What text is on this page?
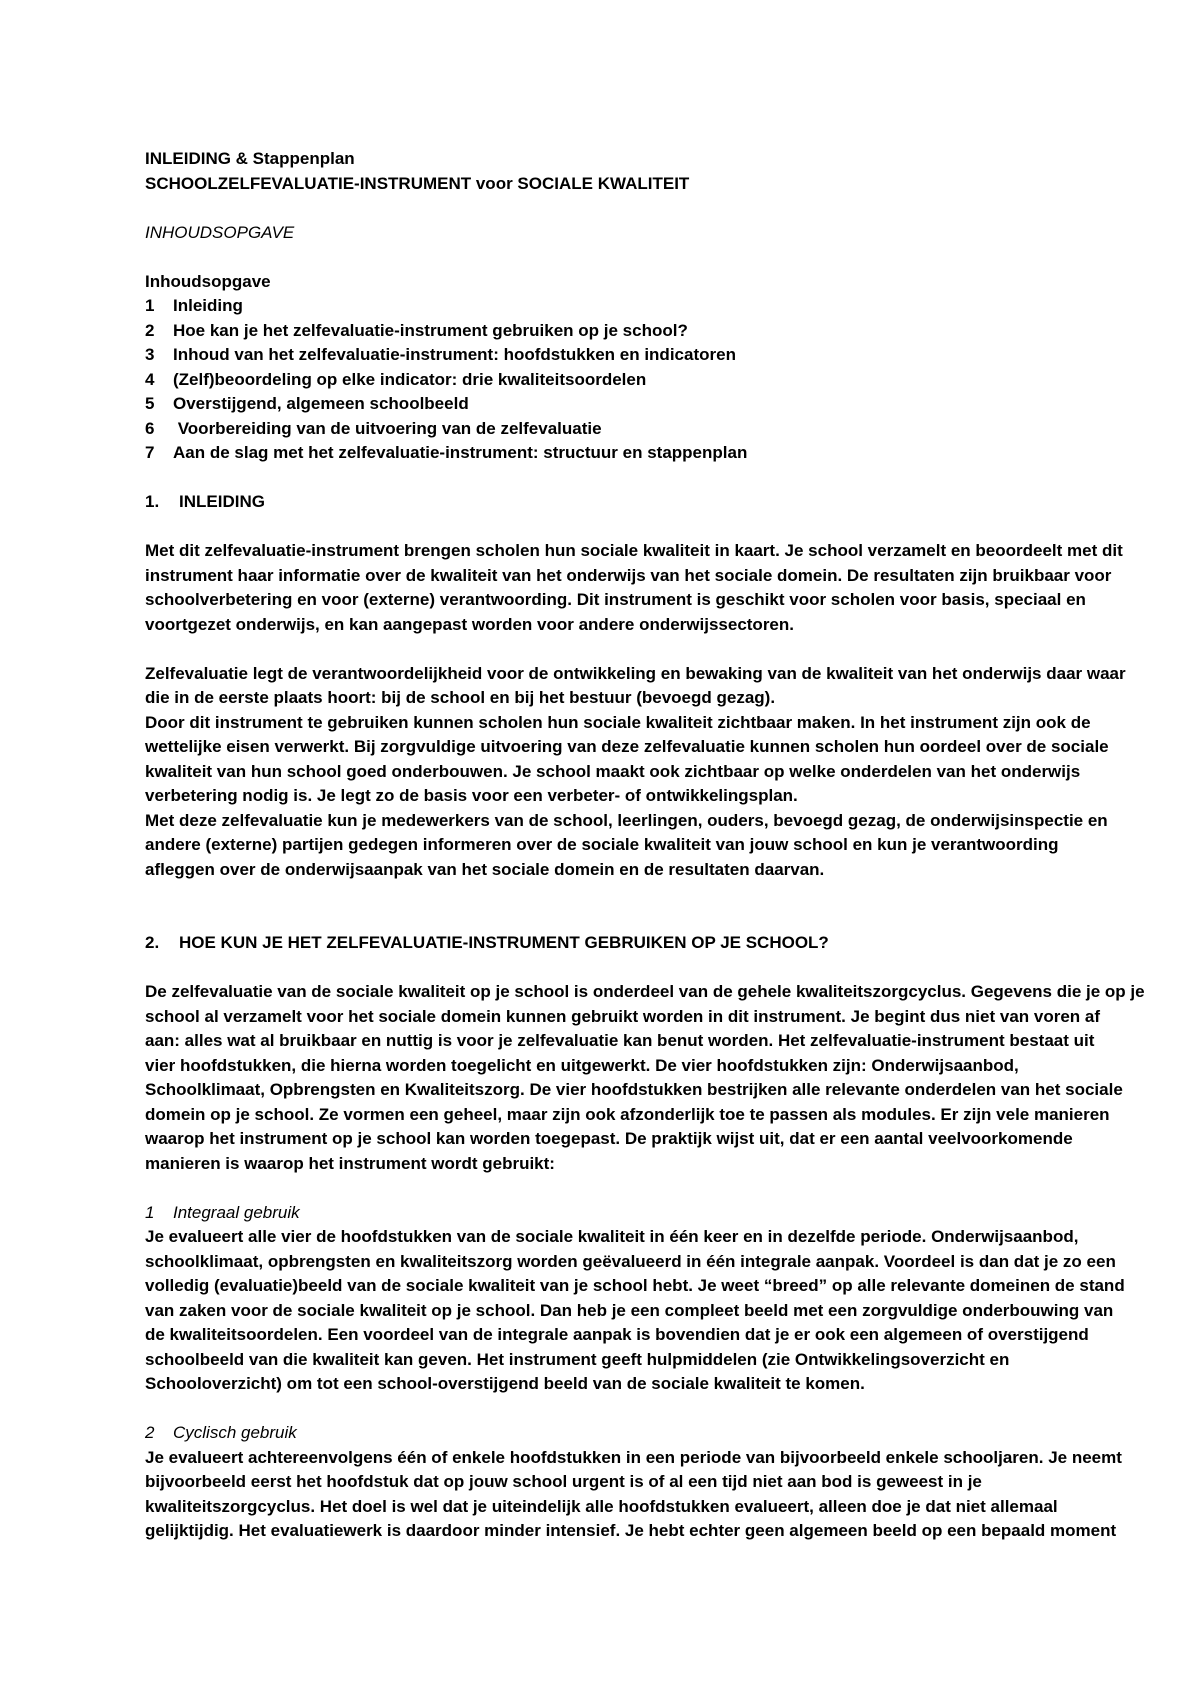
INLEIDING & Stappenplan
SCHOOLZELFEVALUATIE-INSTRUMENT voor SOCIALE KWALITEIT
INHOUDSOPGAVE
Inhoudsopgave
1	Inleiding
2	Hoe kan je het zelfevaluatie-instrument gebruiken op je school?
3	Inhoud van het zelfevaluatie-instrument: hoofdstukken en indicatoren
4	(Zelf)beoordeling op elke indicator: drie kwaliteitsoordelen
5	Overstijgend, algemeen schoolbeeld
6	Voorbereiding van de uitvoering van de zelfevaluatie
7	Aan de slag met het zelfevaluatie-instrument: structuur en stappenplan
1.	INLEIDING
Met dit zelfevaluatie-instrument brengen scholen hun sociale kwaliteit in kaart. Je school verzamelt en beoordeelt met dit
instrument haar informatie over de kwaliteit van het onderwijs van het sociale domein. De resultaten zijn bruikbaar voor
schoolverbetering en voor (externe) verantwoording. Dit instrument is geschikt voor scholen voor basis, speciaal en
voortgezet onderwijs, en kan aangepast worden voor andere onderwijssectoren.
Zelfevaluatie legt de verantwoordelijkheid voor de ontwikkeling en bewaking van de kwaliteit van het onderwijs daar waar
die in de eerste plaats hoort: bij de school en bij het bestuur (bevoegd gezag).
Door dit instrument te gebruiken kunnen scholen hun sociale kwaliteit zichtbaar maken. In het instrument zijn ook de
wettelijke eisen verwerkt. Bij zorgvuldige uitvoering van deze zelfevaluatie kunnen scholen hun oordeel over de sociale
kwaliteit van hun school goed onderbouwen. Je school maakt ook zichtbaar op welke onderdelen van het onderwijs
verbetering nodig is. Je legt zo de basis voor een verbeter- of ontwikkelingsplan.
Met deze zelfevaluatie kun je medewerkers van de school, leerlingen, ouders, bevoegd gezag, de onderwijsinspectie en
andere (externe) partijen gedegen informeren over de sociale kwaliteit van jouw school en kun je verantwoording
afleggen over de onderwijsaanpak van het sociale domein en de resultaten daarvan.
2.	HOE KUN JE HET ZELFEVALUATIE-INSTRUMENT GEBRUIKEN OP JE SCHOOL?
De zelfevaluatie van de sociale kwaliteit op je school is onderdeel van de gehele kwaliteitszorgcyclus. Gegevens die je op je
school al verzamelt voor het sociale domein kunnen gebruikt worden in dit instrument. Je begint dus niet van voren af
aan: alles wat al bruikbaar en nuttig is voor je zelfevaluatie kan benut worden. Het zelfevaluatie-instrument bestaat uit
vier hoofdstukken, die hierna worden toegelicht en uitgewerkt. De vier hoofdstukken zijn: Onderwijsaanbod,
Schoolklimaat, Opbrengsten en Kwaliteitszorg. De vier hoofdstukken bestrijken alle relevante onderdelen van het sociale
domein op je school. Ze vormen een geheel, maar zijn ook afzonderlijk toe te passen als modules. Er zijn vele manieren
waarop het instrument op je school kan worden toegepast. De praktijk wijst uit, dat er een aantal veelvoorkomende
manieren is waarop het instrument wordt gebruikt:
1	Integraal gebruik
Je evalueert alle vier de hoofdstukken van de sociale kwaliteit in één keer en in dezelfde periode. Onderwijsaanbod,
schoolklimaat, opbrengsten en kwaliteitszorg worden geëvalueerd in één integrale aanpak. Voordeel is dan dat je zo een
volledig (evaluatie)beeld van de sociale kwaliteit van je school hebt. Je weet “breed” op alle relevante domeinen de stand
van zaken voor de sociale kwaliteit op je school. Dan heb je een compleet beeld met een zorgvuldige onderbouwing van
de kwaliteitsoordelen. Een voordeel van de integrale aanpak is bovendien dat je er ook een algemeen of overstijgend
schoolbeeld van die kwaliteit kan geven. Het instrument geeft hulpmiddelen (zie Ontwikkelingsoverzicht en
Schooloverzicht) om tot een school-overstijgend beeld van de sociale kwaliteit te komen.
2	Cyclisch gebruik
Je evalueert achtereenvolgens één of enkele hoofdstukken in een periode van bijvoorbeeld enkele schooljaren. Je neemt
bijvoorbeeld eerst het hoofdstuk dat op jouw school urgent is of al een tijd niet aan bod is geweest in je
kwaliteitszorgcyclus. Het doel is wel dat je uiteindelijk alle hoofdstukken evalueert, alleen doe je dat niet allemaal
gelijktijdig. Het evaluatiewerk is daardoor minder intensief. Je hebt echter geen algemeen beeld op een bepaald moment
